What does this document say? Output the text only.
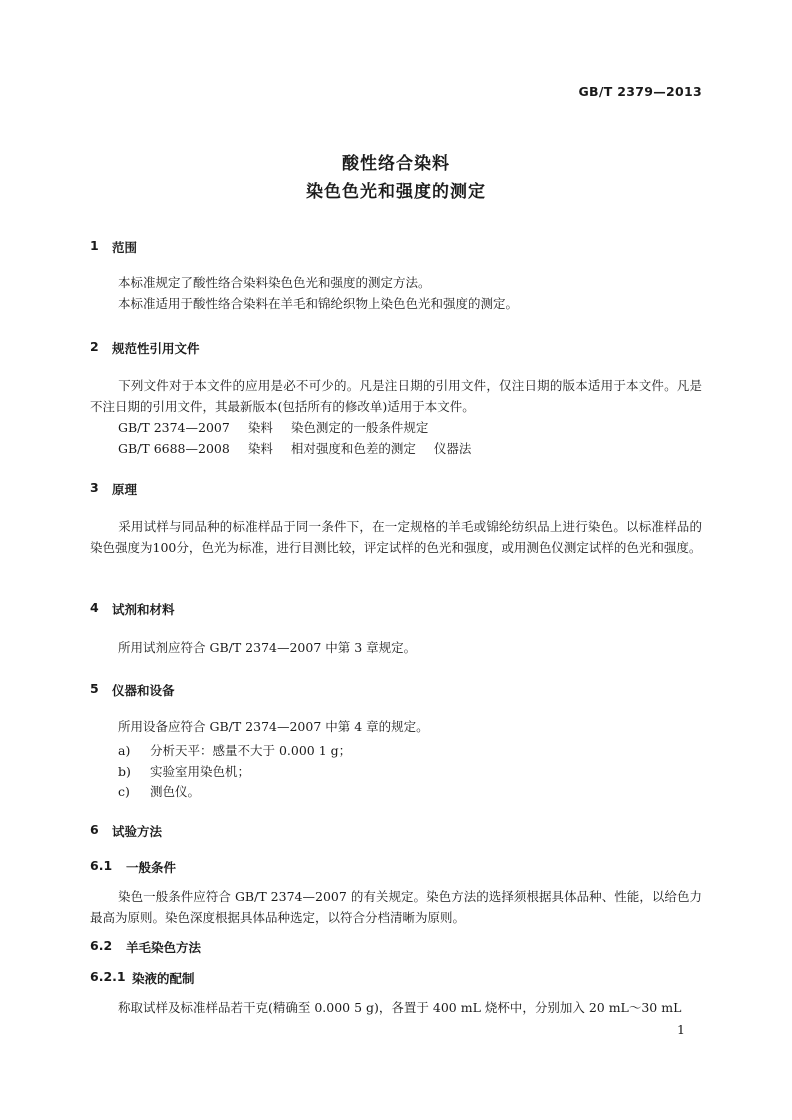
GB/T 2379—2013
酸性络合染料
染色色光和强度的测定
1	范围
本标准规定了酸性络合染料染色色光和强度的测定方法。
本标准适用于酸性络合染料在羊毛和锦纶织物上染色色光和强度的测定。
2	规范性引用文件
下列文件对于本文件的应用是必不可少的。凡是注日期的引用文件，仅注日期的版本适用于本文件。凡是不注日期的引用文件，其最新版本(包括所有的修改单)适用于本文件。
GB/T 2374—2007 染料 染色测定的一般条件规定
GB/T 6688—2008 染料 相对强度和色差的测定 仪器法
3	原理
采用试样与同品种的标准样品于同一条件下，在一定规格的羊毛或锦纶纺织品上进行染色。以标准样品的染色强度为100分，色光为标准，进行目测比较，评定试样的色光和强度，或用测色仪测定试样的色光和强度。
4	试剂和材料
所用试剂应符合 GB/T 2374—2007 中第 3 章规定。
5	仪器和设备
所用设备应符合 GB/T 2374—2007 中第 4 章的规定。
a) 分析天平：感量不大于 0.000 1 g；
b) 实验室用染色机；
c) 测色仪。
6	试验方法
6.1	一般条件
染色一般条件应符合 GB/T 2374—2007 的有关规定。染色方法的选择须根据具体品种、性能，以给色力最高为原则。染色深度根据具体品种选定，以符合分档清晰为原则。
6.2	羊毛染色方法
6.2.1 染液的配制
称取试样及标准样品若干克(精确至 0.000 5 g)，各置于 400 mL 烧杯中，分别加入 20 mL～30 mL
1
